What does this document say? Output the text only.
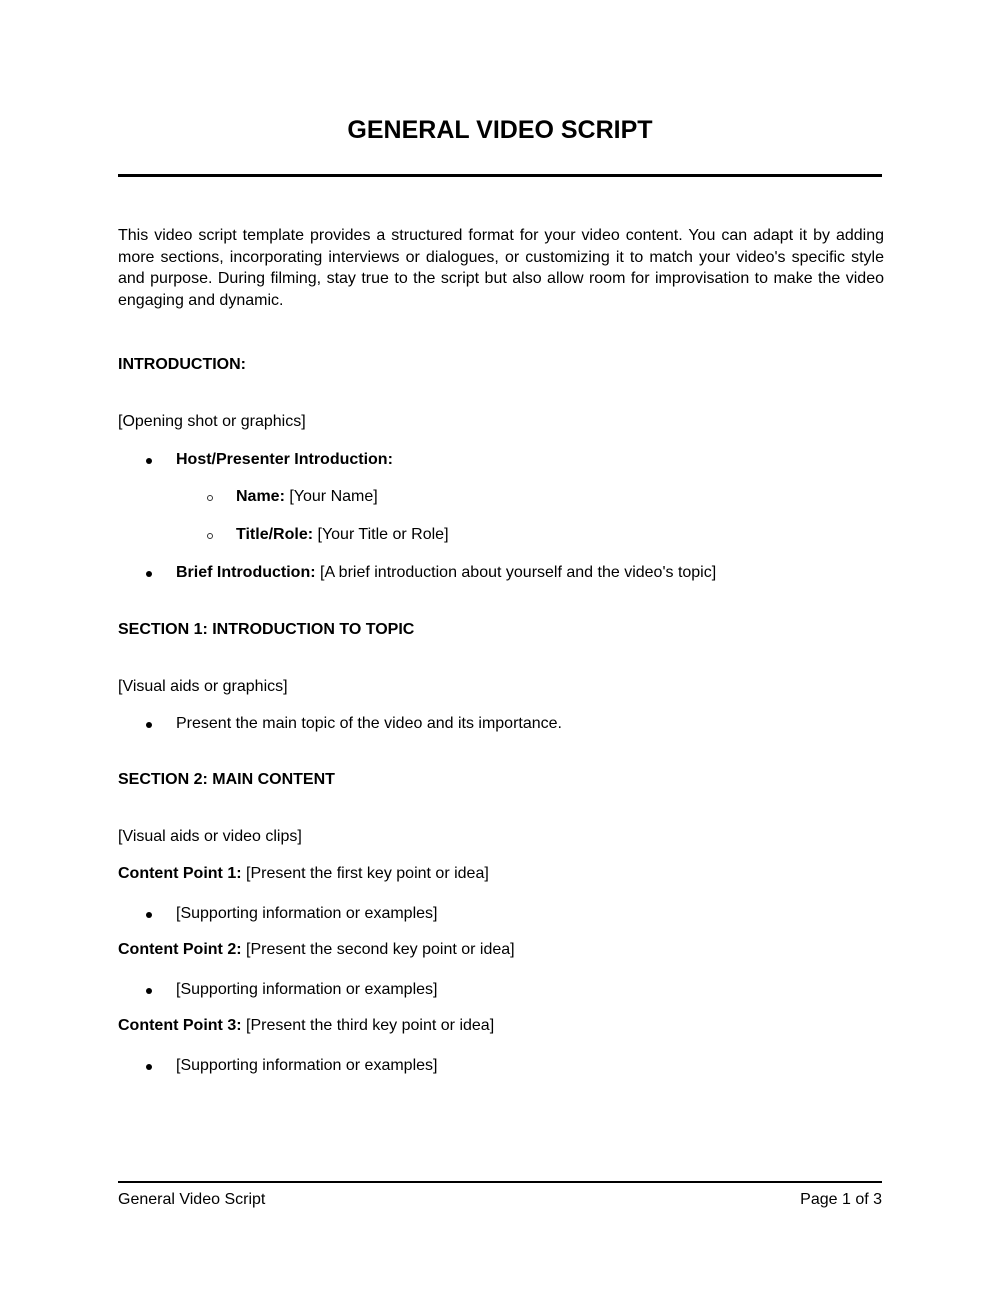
GENERAL VIDEO SCRIPT
This video script template provides a structured format for your video content. You can adapt it by adding more sections, incorporating interviews or dialogues, or customizing it to match your video's specific style and purpose. During filming, stay true to the script but also allow room for improvisation to make the video engaging and dynamic.
INTRODUCTION:
[Opening shot or graphics]
Host/Presenter Introduction:
Name: [Your Name]
Title/Role: [Your Title or Role]
Brief Introduction: [A brief introduction about yourself and the video's topic]
SECTION 1: INTRODUCTION TO TOPIC
[Visual aids or graphics]
Present the main topic of the video and its importance.
SECTION 2: MAIN CONTENT
[Visual aids or video clips]
Content Point 1: [Present the first key point or idea]
[Supporting information or examples]
Content Point 2: [Present the second key point or idea]
[Supporting information or examples]
Content Point 3: [Present the third key point or idea]
[Supporting information or examples]
General Video Script	Page 1 of 3
